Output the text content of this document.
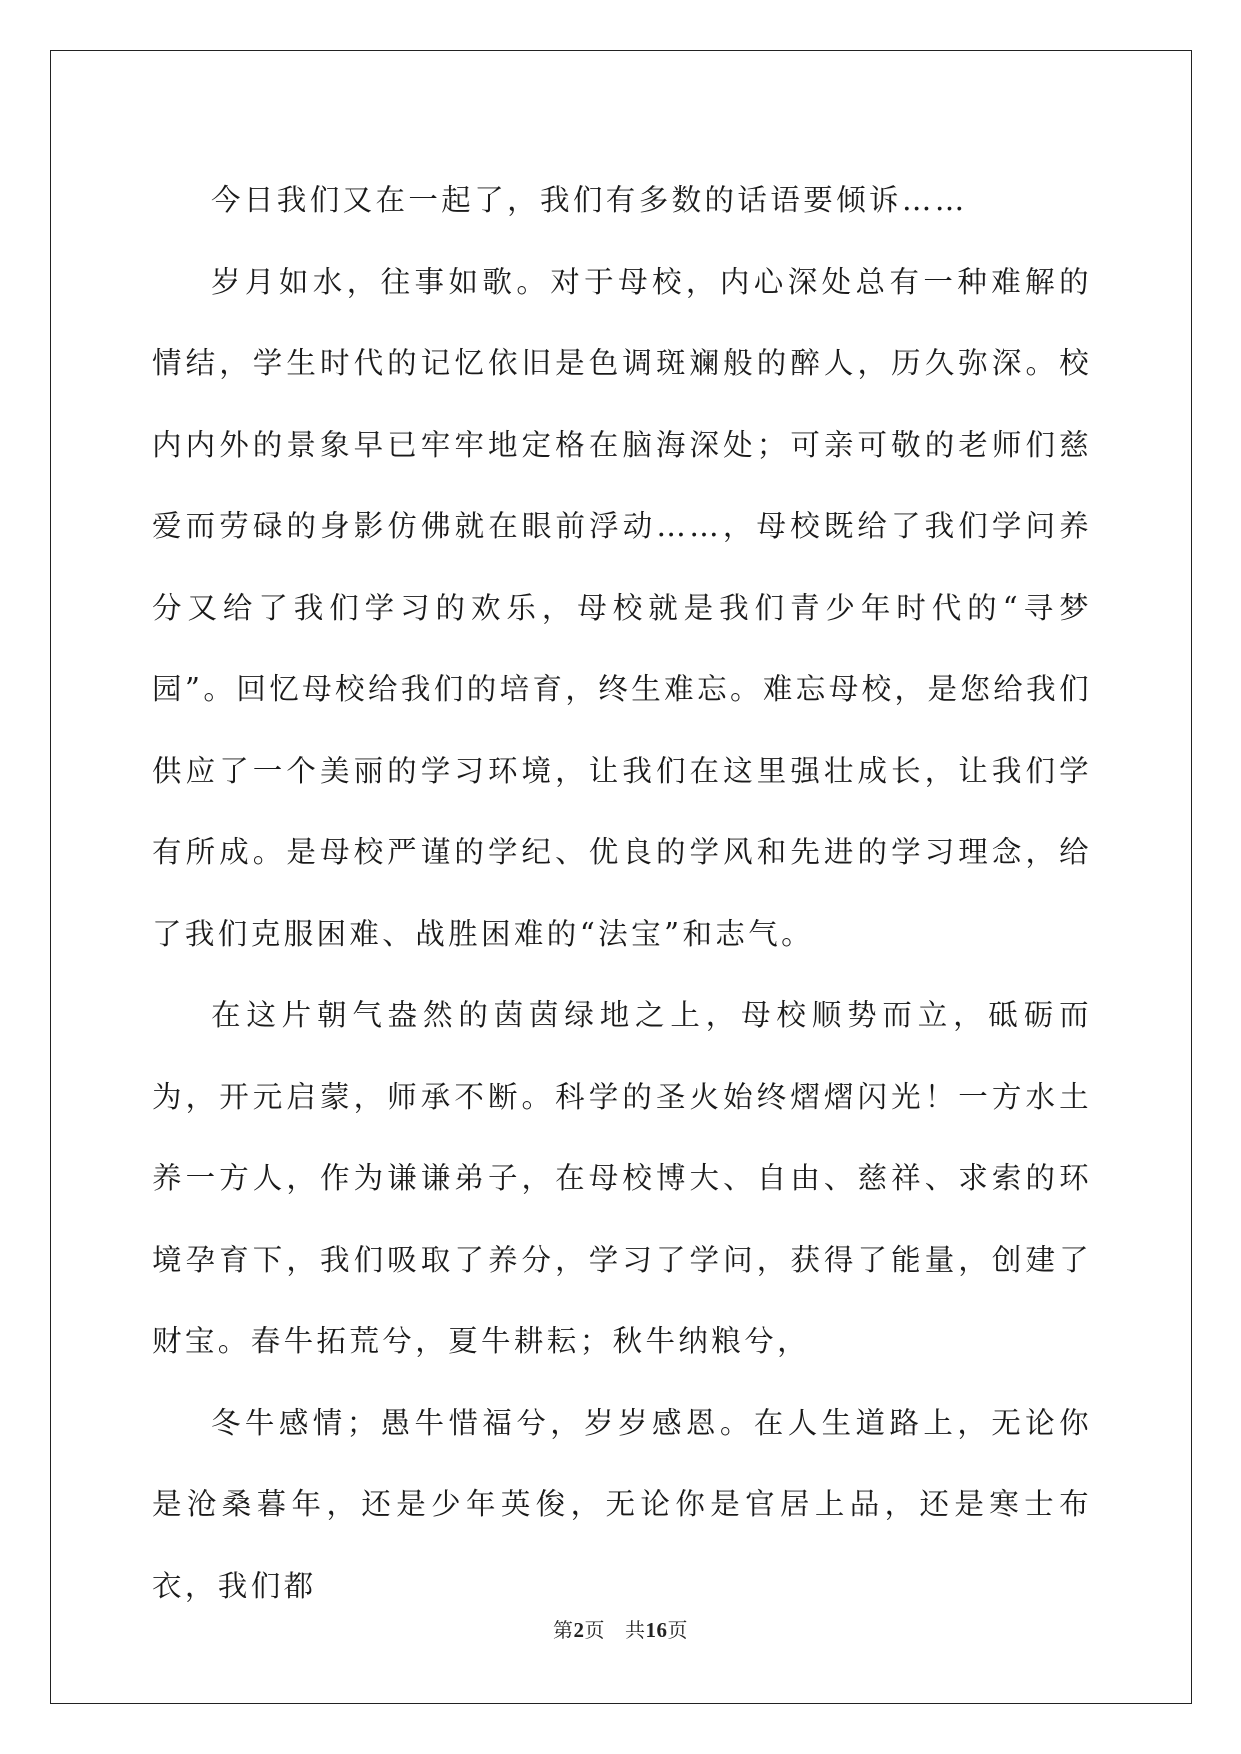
今日我们又在一起了，我们有多数的话语要倾诉……

岁月如水，往事如歌。对于母校，内心深处总有一种难解的情结，学生时代的记忆依旧是色调斑斓般的醉人，历久弥深。校内内外的景象早已牢牢地定格在脑海深处；可亲可敬的老师们慈爱而劳碌的身影仿佛就在眼前浮动……，母校既给了我们学问养分又给了我们学习的欢乐，母校就是我们青少年时代的“寻梦园”。回忆母校给我们的培育，终生难忘。难忘母校，是您给我们供应了一个美丽的学习环境，让我们在这里强壮成长，让我们学有所成。是母校严谨的学纪、优良的学风和先进的学习理念，给了我们克服困难、战胜困难的“法宝”和志气。

在这片朝气盎然的茵茵绿地之上，母校顺势而立，砥砺而为，开元启蒙，师承不断。科学的圣火始终熠熠闪光！一方水土养一方人，作为谦谦弟子，在母校博大、自由、慈祥、求索的环境孕育下，我们吸取了养分，学习了学问，获得了能量，创建了财宝。春牛拓荒兮，夏牛耕耘；秋牛纳粮兮，

冬牛感情；愚牛惜福兮，岁岁感恩。在人生道路上，无论你是沧桑暮年，还是少年英俊，无论你是官居上品，还是寒士布衣，我们都

第2页 共16页
